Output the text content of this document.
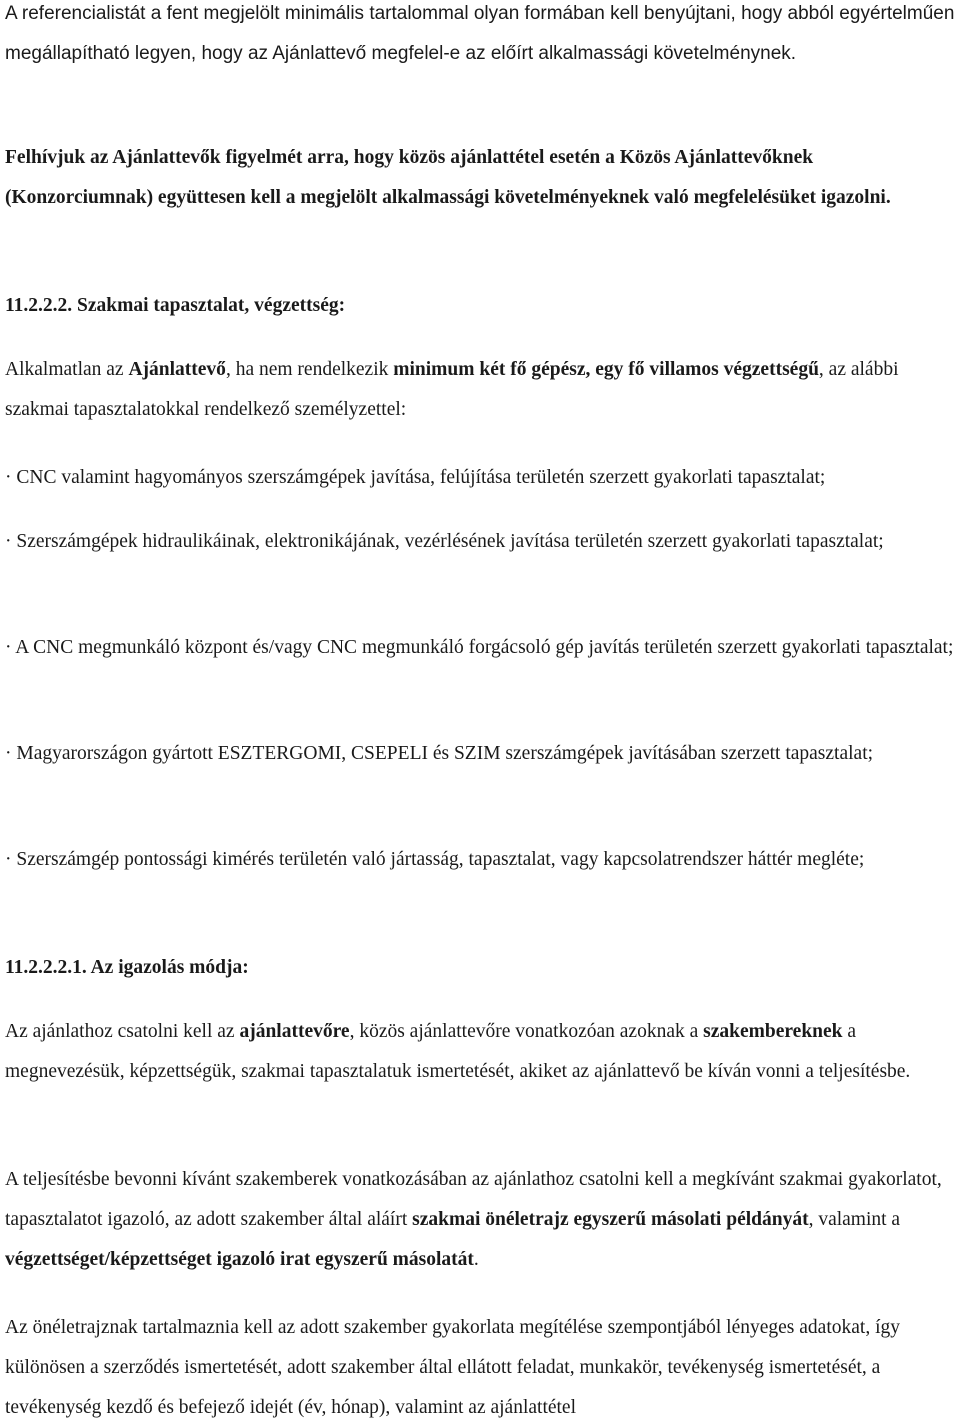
A referencialistát a fent megjelölt minimális tartalommal olyan formában kell benyújtani, hogy abból egyértelműen megállapítható legyen, hogy az Ajánlattevő megfelel-e az előírt alkalmassági követelménynek.

Felhívjuk az Ajánlattevők figyelmét arra, hogy közös ajánlattétel esetén a Közös Ajánlattevőknek (Konzorciumnak) együttesen kell a megjelölt alkalmassági követelményeknek való megfelelésüket igazolni.

11.2.2.2. Szakmai tapasztalat, végzettség:

Alkalmatlan az Ajánlattevő, ha nem rendelkezik minimum két fő gépész, egy fő villamos végzettségű, az alábbi szakmai tapasztalatokkal rendelkező személyzettel:

· CNC valamint hagyományos szerszámgépek javítása, felújítása területén szerzett gyakorlati tapasztalat;

· Szerszámgépek hidraulikáinak, elektronikájának, vezérlésének javítása területén szerzett gyakorlati tapasztalat;

· A CNC megmunkáló központ és/vagy CNC megmunkáló forgácsoló gép javítás területén szerzett gyakorlati tapasztalat;

· Magyarországon gyártott ESZTERGOMI, CSEPELI és SZIM szerszámgépek javításában szerzett tapasztalat;

· Szerszámgép pontossági kimérés területén való jártasság, tapasztalat, vagy kapcsolatrendszer háttér megléte;

11.2.2.2.1. Az igazolás módja:

Az ajánlathoz csatolni kell az ajánlattevőre, közös ajánlattevőre vonatkozóan azoknak a szakembereknek a megnevezésük, képzettségük, szakmai tapasztalatuk ismertetését, akiket az ajánlattevő be kíván vonni a teljesítésbe.

A teljesítésbe bevonni kívánt szakemberek vonatkozásában az ajánlathoz csatolni kell a megkívánt szakmai gyakorlatot, tapasztalatot igazoló, az adott szakember által aláírt szakmai önéletrajz egyszerű másolati példányát, valamint a végzettséget/képzettséget igazoló irat egyszerű másolatát.

Az önéletrajznak tartalmaznia kell az adott szakember gyakorlata megítélése szempontjából lényeges adatokat, így különösen a szerződés ismertetését, adott szakember által ellátott feladat, munkakör, tevékenység ismertetését, a tevékenység kezdő és befejező idejét (év, hónap), valamint az ajánlattétel
